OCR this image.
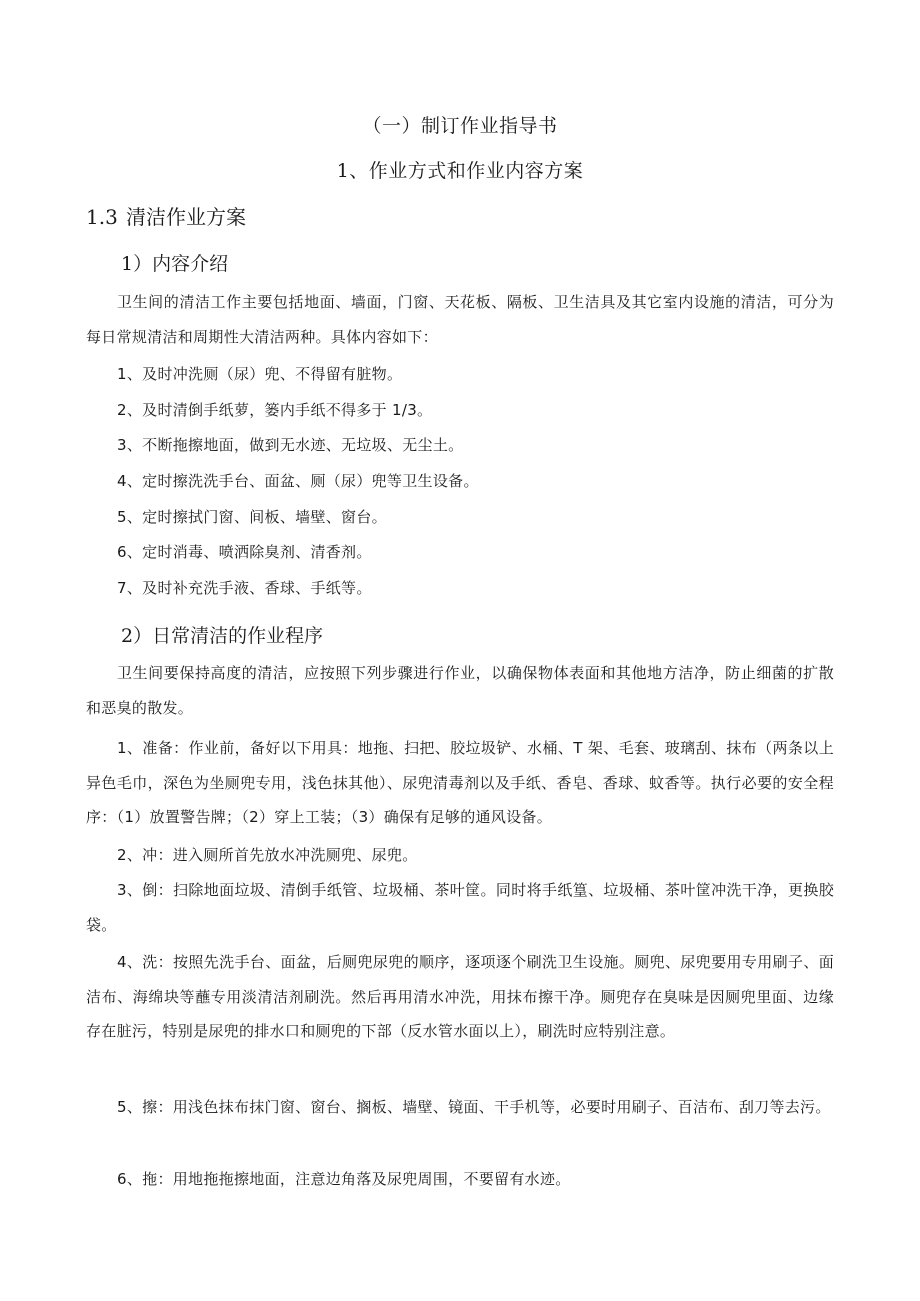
（一）制订作业指导书
1、作业方式和作业内容方案
1.3 清洁作业方案
1）内容介绍
卫生间的清洁工作主要包括地面、墙面，门窗、天花板、隔板、卫生洁具及其它室内设施的清洁，可分为每日常规清洁和周期性大清洁两种。具体内容如下：
1、及时冲洗厕（尿）兜、不得留有脏物。
2、及时清倒手纸萝，篓内手纸不得多于 1/3。
3、不断拖擦地面，做到无水迹、无垃圾、无尘土。
4、定时擦洗洗手台、面盆、厕（尿）兜等卫生设备。
5、定时擦拭门窗、间板、墙壁、窗台。
6、定时消毒、喷洒除臭剂、清香剂。
7、及时补充洗手液、香球、手纸等。
2）日常清洁的作业程序
卫生间要保持高度的清洁，应按照下列步骤进行作业，以确保物体表面和其他地方洁净，防止细菌的扩散和恶臭的散发。
1、准备：作业前，备好以下用具：地拖、扫把、胶垃圾铲、水桶、T 架、毛套、玻璃刮、抹布（两条以上异色毛巾，深色为坐厕兜专用，浅色抹其他）、尿兜清毒剂以及手纸、香皂、香球、蚊香等。执行必要的安全程序：（1）放置警告牌；（2）穿上工装；（3）确保有足够的通风设备。
2、冲：进入厕所首先放水冲洗厕兜、尿兜。
3、倒：扫除地面垃圾、清倒手纸管、垃圾桶、茶叶筐。同时将手纸篁、垃圾桶、茶叶筐冲洗干净，更换胶袋。
4、洗：按照先洗手台、面盆，后厕兜尿兜的顺序，逐项逐个刷洗卫生设施。厕兜、尿兜要用专用刷子、面洁布、海绵块等蘸专用淡清洁剂刷洗。然后再用清水冲洗，用抹布擦干净。厕兜存在臭味是因厕兜里面、边缘存在脏污，特别是尿兜的排水口和厕兜的下部（反水管水面以上），刷洗时应特别注意。
5、擦：用浅色抹布抹门窗、窗台、搁板、墙壁、镜面、干手机等，必要时用刷子、百洁布、刮刀等去污。
6、拖：用地拖拖擦地面，注意边角落及尿兜周围，不要留有水迹。
